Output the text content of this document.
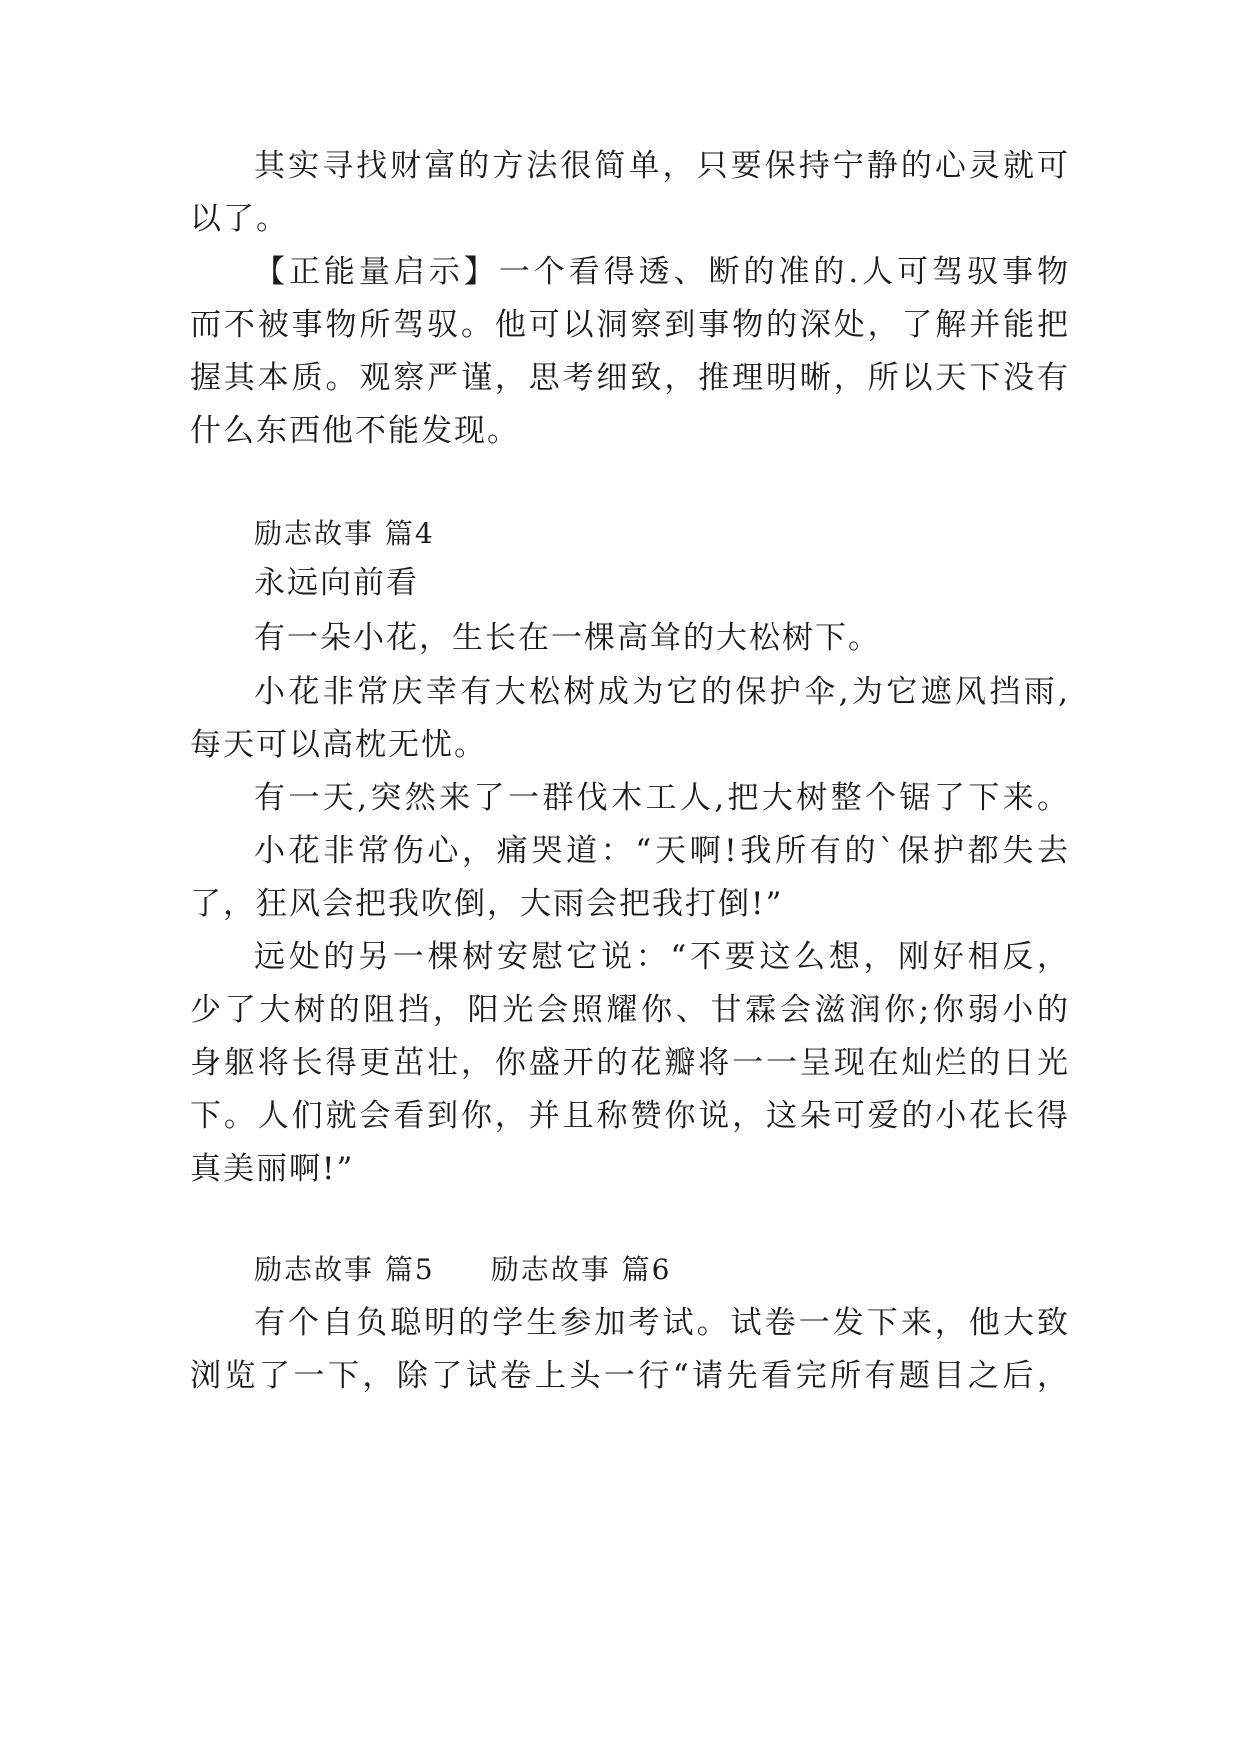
其实寻找财富的方法很简单，只要保持宁静的心灵就可
以了。
【正能量启示】一个看得透、断的准的.人可驾驭事物
而不被事物所驾驭。他可以洞察到事物的深处，了解并能把
握其本质。观察严谨，思考细致，推理明晰，所以天下没有
什么东西他不能发现。
励志故事 篇4
永远向前看
有一朵小花，生长在一棵高耸的大松树下。
小花非常庆幸有大松树成为它的保护伞,为它遮风挡雨,
每天可以高枕无忧。
有一天,突然来了一群伐木工人,把大树整个锯了下来。
小花非常伤心，痛哭道：“天啊!我所有的`保护都失去
了，狂风会把我吹倒，大雨会把我打倒!”
远处的另一棵树安慰它说：“不要这么想，刚好相反，
少了大树的阻挡，阳光会照耀你、甘霖会滋润你;你弱小的
身躯将长得更茁壮，你盛开的花瓣将一一呈现在灿烂的日光
下。人们就会看到你，并且称赞你说，这朵可爱的小花长得
真美丽啊!”
励志故事 篇5 励志故事 篇6
有个自负聪明的学生参加考试。试卷一发下来，他大致
浏览了一下，除了试卷上头一行“请先看完所有题目之后，
